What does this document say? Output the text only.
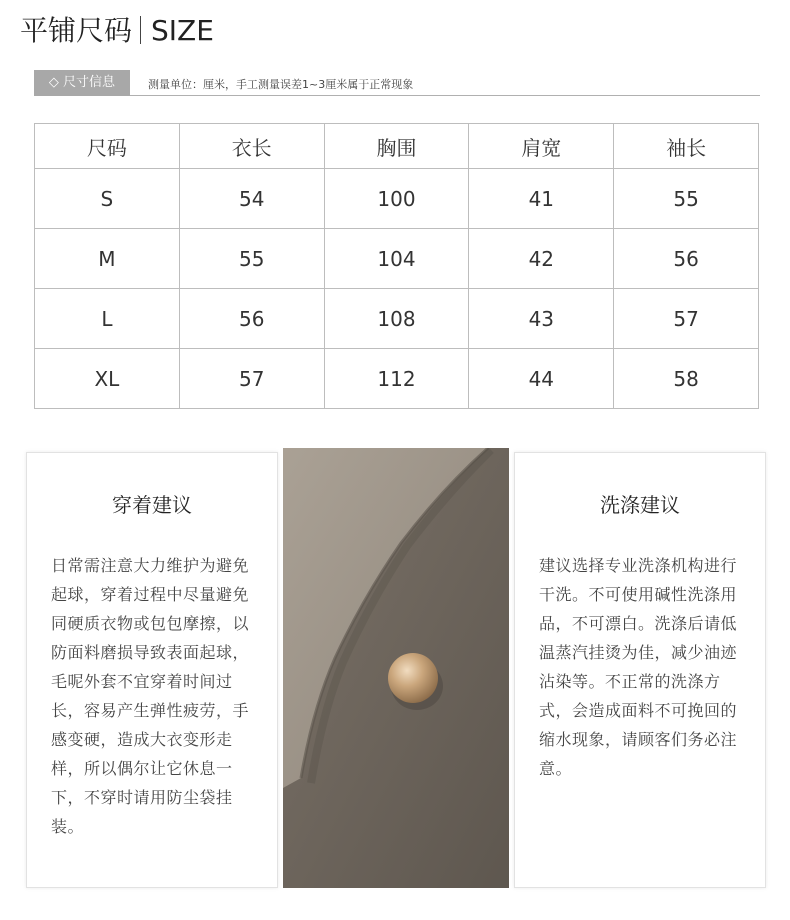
平铺尺码 SIZE
◇ 尺寸信息	测量单位：厘米，手工测量误差1~3厘米属于正常现象
尺码	衣长	胸围	肩宽	袖长
S	54	100	41	55
M	55	104	42	56
L	56	108	43	57
XL	57	112	44	58
穿着建议

日常需注意大力维护为避免起球，穿着过程中尽量避免同硬质衣物或包包摩擦，以防面料磨损导致表面起球，毛呢外套不宜穿着时间过长，容易产生弹性疲劳，手感变硬，造成大衣变形走样，所以偶尔让它休息一下，不穿时请用防尘袋挂装。

洗涤建议

建议选择专业洗涤机构进行干洗。不可使用碱性洗涤用品，不可漂白。洗涤后请低温蒸汽挂烫为佳，减少油迹沾染等。不正常的洗涤方式，会造成面料不可挽回的缩水现象，请顾客们务必注意。
